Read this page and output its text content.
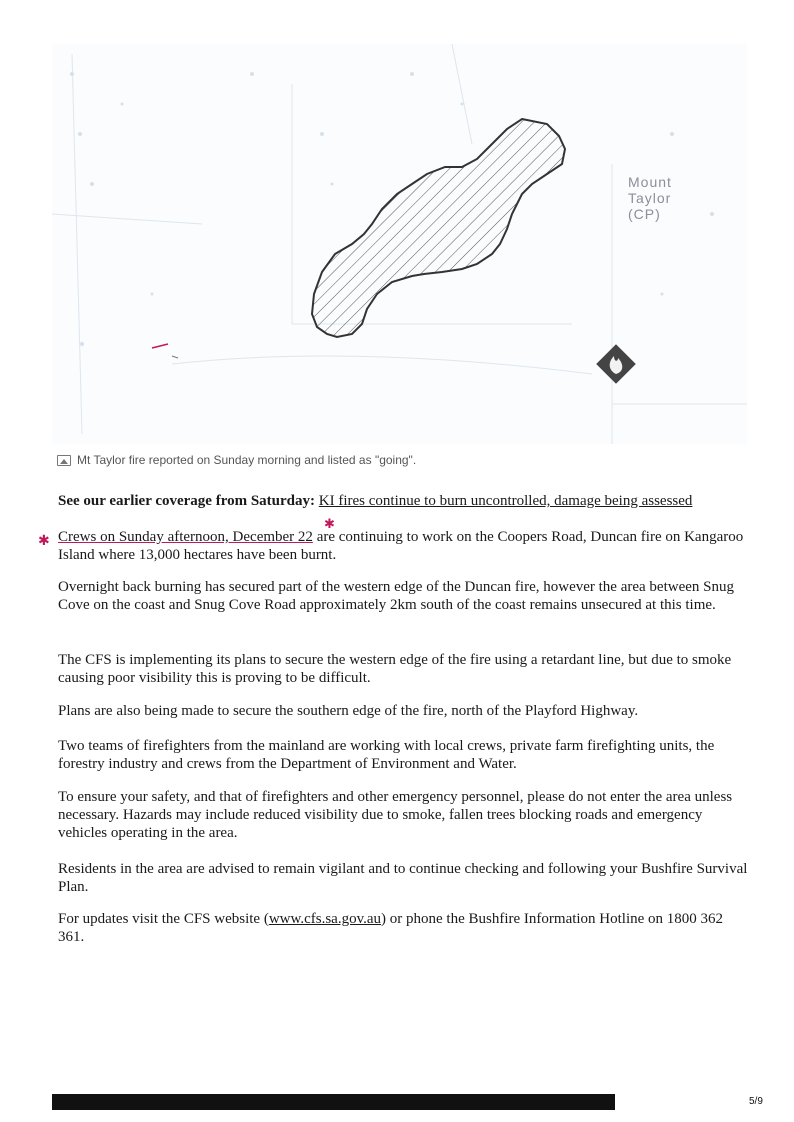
Mount
Taylor
(CP)
Mt Taylor fire reported on Sunday morning and listed as "going".

See our earlier coverage from Saturday: KI fires continue to burn uncontrolled, damage being assessed

✱
✱

Crews on Sunday afternoon, December 22 are continuing to work on the Coopers Road, Duncan fire on Kangaroo Island where 13,000 hectares have been burnt.

Overnight back burning has secured part of the western edge of the Duncan fire, however the area between Snug Cove on the coast and Snug Cove Road approximately 2km south of the coast remains unsecured at this time.

The CFS is implementing its plans to secure the western edge of the fire using a retardant line, but due to smoke causing poor visibility this is proving to be difficult.

Plans are also being made to secure the southern edge of the fire, north of the Playford Highway.

Two teams of firefighters from the mainland are working with local crews, private farm firefighting units, the forestry industry and crews from the Department of Environment and Water.

To ensure your safety, and that of firefighters and other emergency personnel, please do not enter the area unless necessary. Hazards may include reduced visibility due to smoke, fallen trees blocking roads and emergency vehicles operating in the area.

Residents in the area are advised to remain vigilant and to continue checking and following your Bushfire Survival Plan.

For updates visit the CFS website (www.cfs.sa.gov.au) or phone the Bushfire Information Hotline on 1800 362 361.

5/9
